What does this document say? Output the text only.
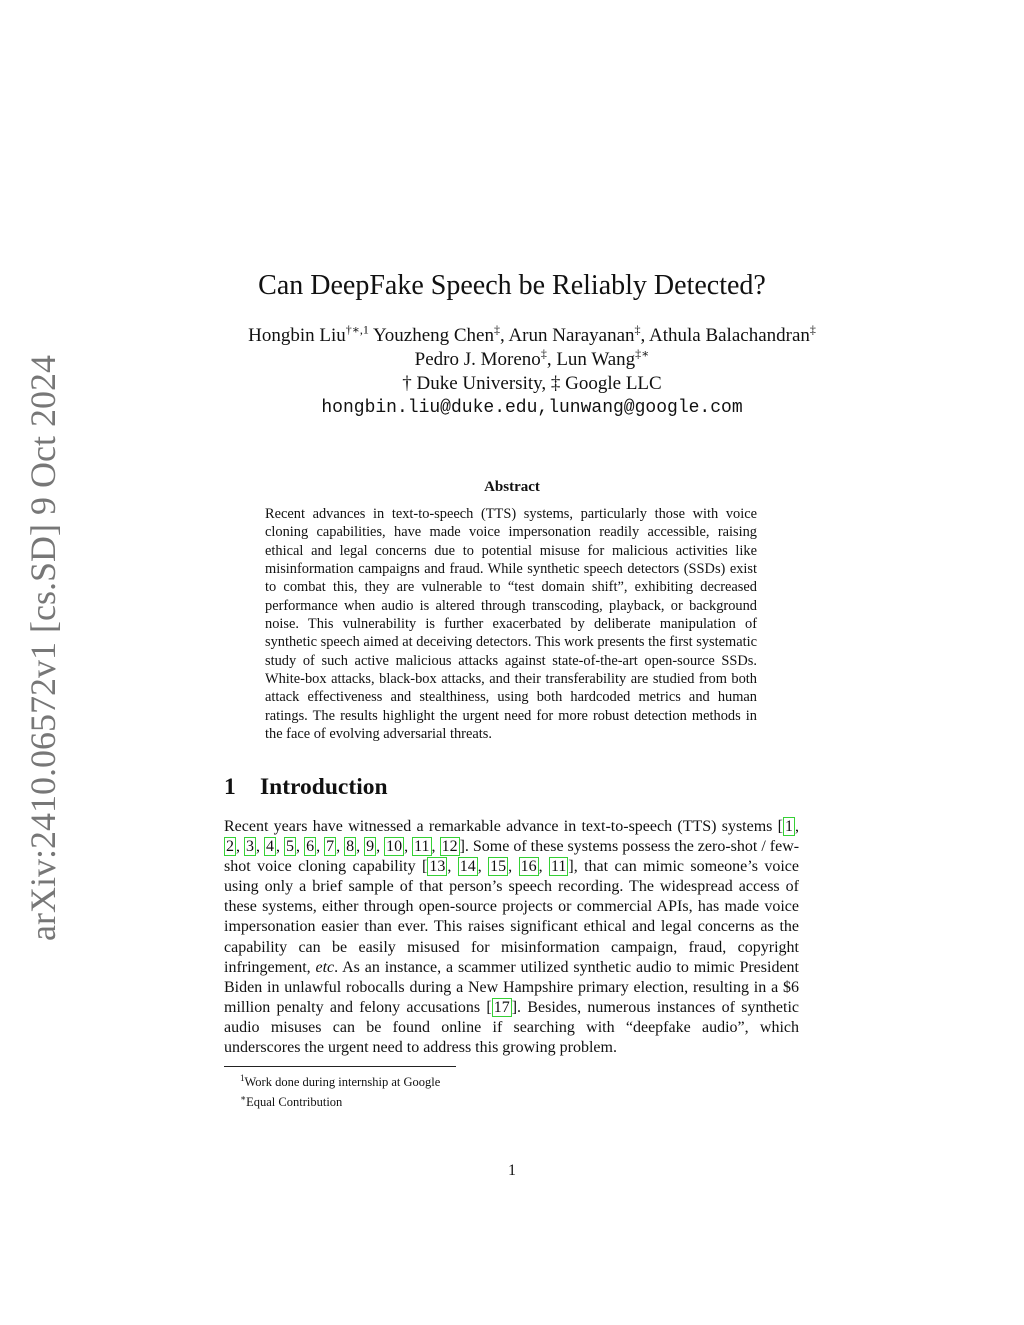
arXiv:2410.06572v1 [cs.SD] 9 Oct 2024
Can DeepFake Speech be Reliably Detected?
Hongbin Liu$^{\dagger∗,1}$ Youzheng Chen‡, Arun Narayanan‡, Athula Balachandran‡
Pedro J. Moreno‡, Lun Wang‡∗
† Duke University, ‡ Google LLC
hongbin.liu@duke.edu,lunwang@google.com
Abstract
Recent advances in text-to-speech (TTS) systems, particularly those with voice cloning capabilities, have made voice impersonation readily accessible, raising ethical and legal concerns due to potential misuse for malicious activities like misinformation campaigns and fraud. While synthetic speech detectors (SSDs) exist to combat this, they are vulnerable to “test domain shift”, exhibiting decreased performance when audio is altered through transcoding, playback, or background noise. This vulnerability is further exacerbated by deliberate manipulation of synthetic speech aimed at deceiving detectors. This work presents the first systematic study of such active malicious attacks against state-of-the-art open-source SSDs. White-box attacks, black-box attacks, and their transferability are studied from both attack effectiveness and stealthiness, using both hardcoded metrics and human ratings. The results highlight the urgent need for more robust detection methods in the face of evolving adversarial threats.
1 Introduction
Recent years have witnessed a remarkable advance in text-to-speech (TTS) systems [ 1 , 2 , 3 , 4 , 5 , 6 , 7 , 8 , 9 , 10 , 11 , 12 ]. Some of these systems possess the zero-shot / few-shot voice cloning capability [ 13 , 14 , 15 , 16 , 11 ], that can mimic someone’s voice using only a brief sample of that person’s speech recording. The widespread access of these systems, either through open-source projects or commercial APIs, has made voice impersonation easier than ever. This raises significant ethical and legal concerns as the capability can be easily misused for misinformation campaign, fraud, copyright infringement, etc. As an instance, a scammer utilized synthetic audio to mimic President Biden in unlawful robocalls during a New Hampshire primary election, resulting in a $6 million penalty and felony accusations [ 17 ]. Besides, numerous instances of synthetic audio misuses can be found online if searching with “deepfake audio”, which underscores the urgent need to address this growing problem.
$^1$Work done during internship at Google
∗Equal Contribution
1
